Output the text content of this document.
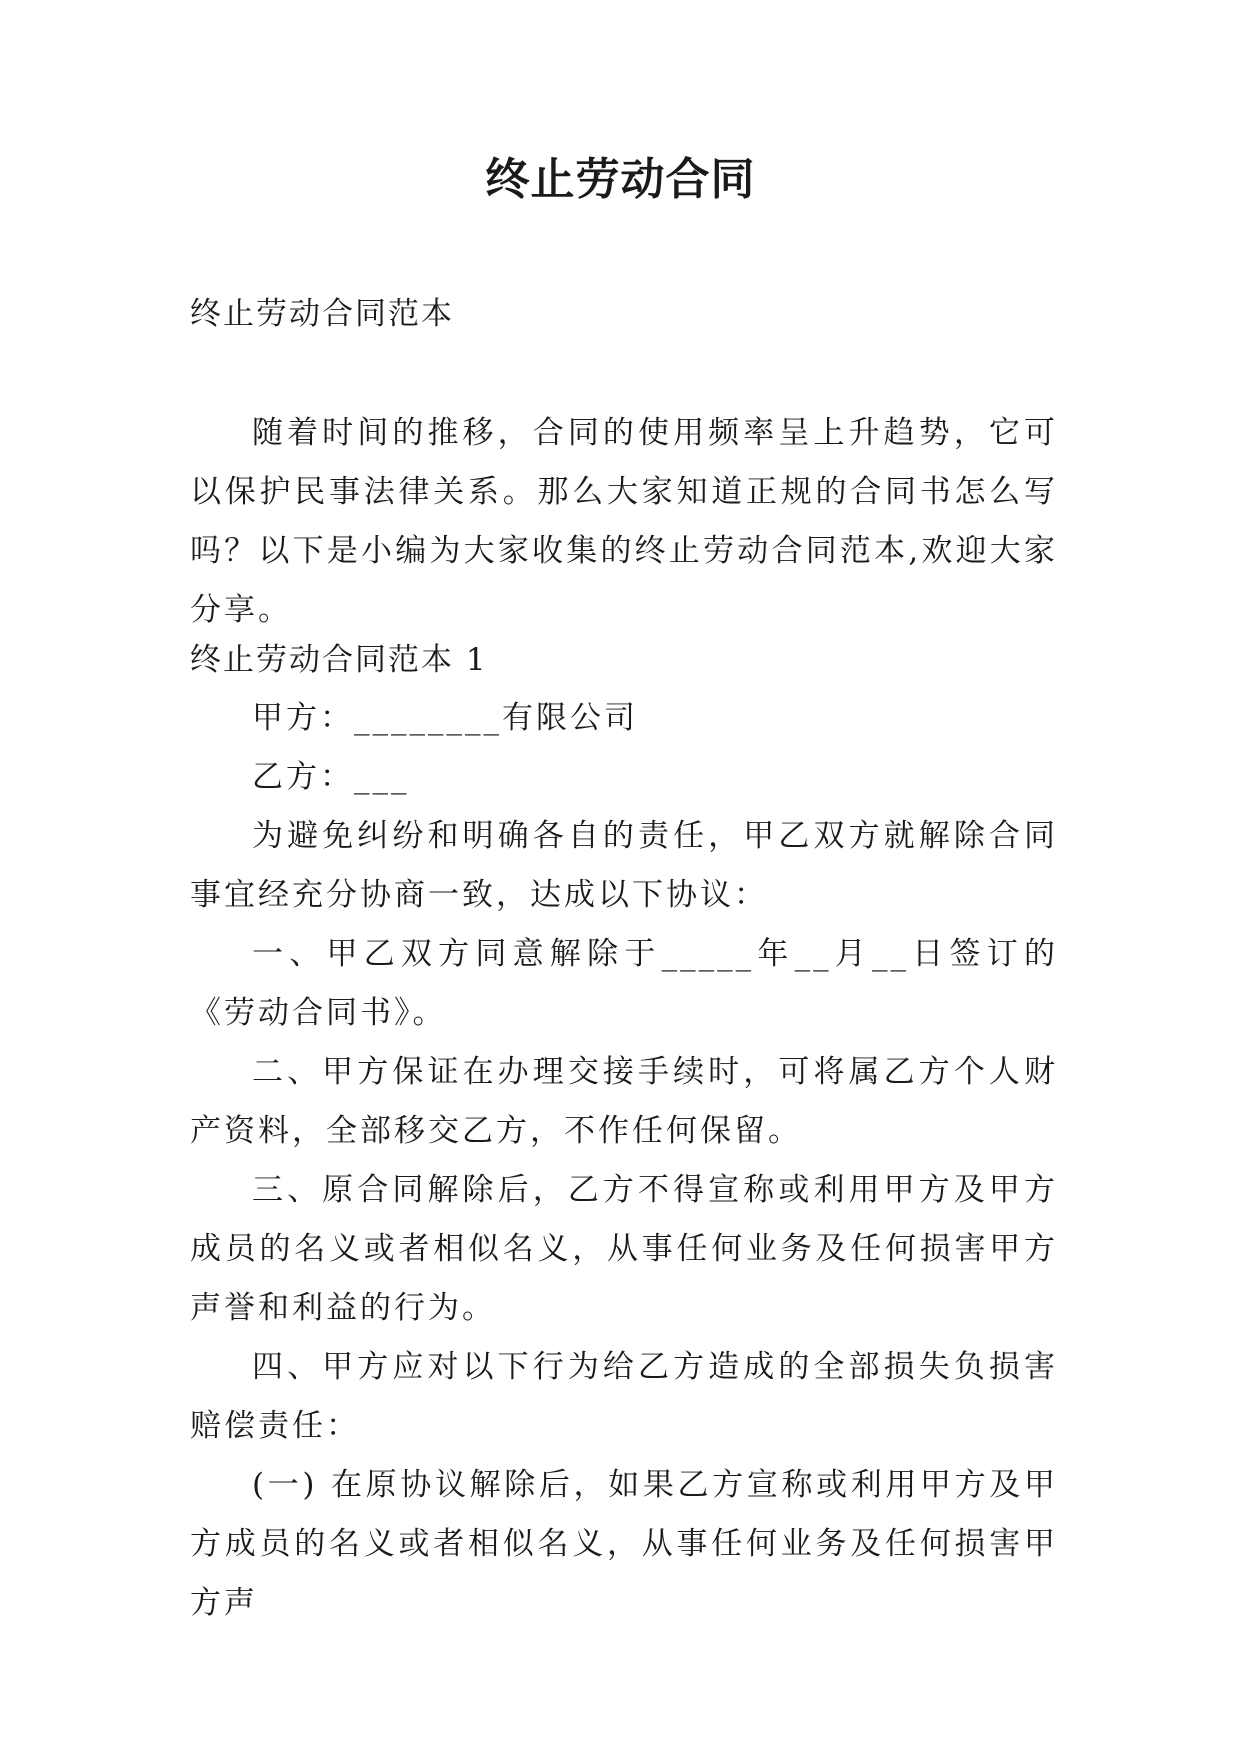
终止劳动合同
终止劳动合同范本

随着时间的推移，合同的使用频率呈上升趋势，它可以保护民事法律关系。那么大家知道正规的合同书怎么写吗？以下是小编为大家收集的终止劳动合同范本,欢迎大家分享。

终止劳动合同范本 1

甲方：________有限公司

乙方：___

为避免纠纷和明确各自的责任，甲乙双方就解除合同事宜经充分协商一致，达成以下协议：

一、甲乙双方同意解除于_____年__月__日签订的《劳动合同书》。

二、甲方保证在办理交接手续时，可将属乙方个人财产资料，全部移交乙方，不作任何保留。

三、原合同解除后，乙方不得宣称或利用甲方及甲方成员的名义或者相似名义，从事任何业务及任何损害甲方声誉和利益的行为。

四、甲方应对以下行为给乙方造成的全部损失负损害赔偿责任：

(一) 在原协议解除后，如果乙方宣称或利用甲方及甲方成员的名义或者相似名义，从事任何业务及任何损害甲方声
